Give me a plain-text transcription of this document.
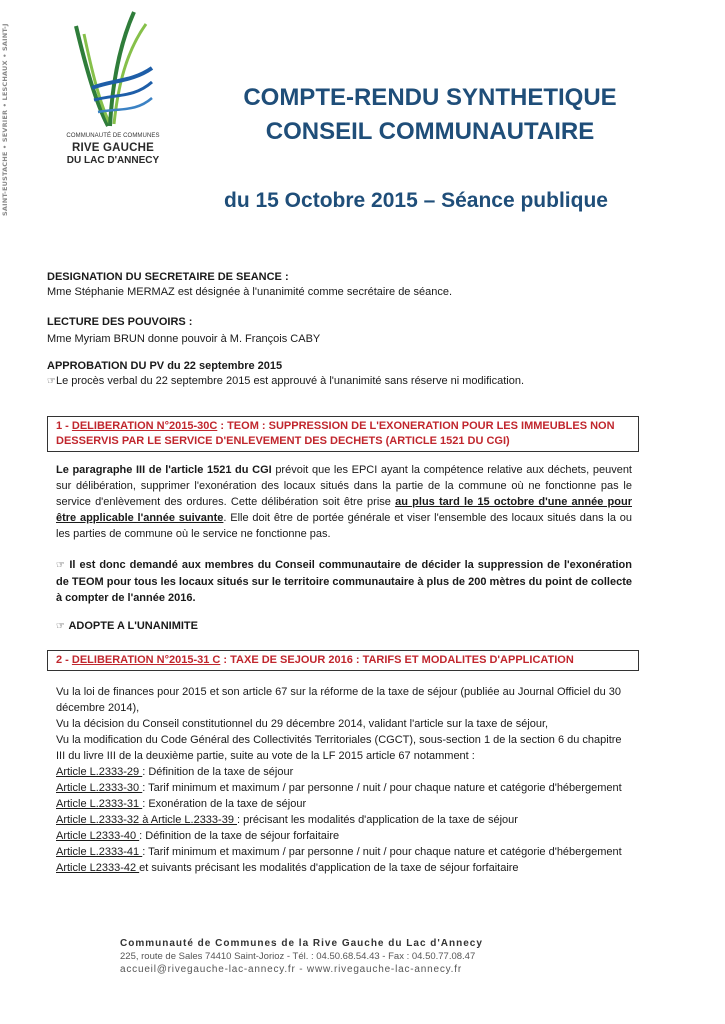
SAINT-EUSTACHE • SEVRIER • LESCHAUX • SAINT-J	COMMUNAUTÉ DE COMMUNES
RIVE GAUCHE
DU LAC D'ANNECY
COMPTE-RENDU SYNTHETIQUE
CONSEIL COMMUNAUTAIRE
du 15 Octobre 2015 – Séance publique
DESIGNATION DU SECRETAIRE DE SEANCE :
Mme Stéphanie MERMAZ est désignée à l'unanimité comme secrétaire de séance.
LECTURE DES POUVOIRS :
Mme Myriam BRUN donne pouvoir à M. François CABY
APPROBATION DU PV du 22 septembre 2015
☞Le procès verbal du 22 septembre 2015 est approuvé à l'unanimité sans réserve ni modification.
1 - DELIBERATION N°2015-30C : TEOM : SUPPRESSION DE L'EXONERATION POUR LES IMMEUBLES NON
DESSERVIS PAR LE SERVICE D'ENLEVEMENT DES DECHETS (ARTICLE 1521 DU CGI)
Le paragraphe III de l'article 1521 du CGI prévoit que les EPCI ayant la compétence relative aux déchets, peuvent sur délibération, supprimer l'exonération des locaux situés dans la partie de la commune où ne fonctionne pas le service d'enlèvement des ordures. Cette délibération soit être prise au plus tard le 15 octobre d'une année pour être applicable l'année suivante. Elle doit être de portée générale et viser l'ensemble des locaux situés dans la ou les parties de commune où le service ne fonctionne pas.
☞ Il est donc demandé aux membres du Conseil communautaire de décider la suppression de l'exonération de TEOM pour tous les locaux situés sur le territoire communautaire à plus de 200 mètres du point de collecte à compter de l'année 2016.
☞ ADOPTE A L'UNANIMITE
2 - DELIBERATION N°2015-31 C : TAXE DE SEJOUR 2016 : TARIFS ET MODALITES D'APPLICATION
Vu la loi de finances pour 2015 et son article 67 sur la réforme de la taxe de séjour (publiée au Journal Officiel du 30 décembre 2014),
Vu la décision du Conseil constitutionnel du 29 décembre 2014, validant l'article sur la taxe de séjour,
Vu la modification du Code Général des Collectivités Territoriales (CGCT), sous-section 1 de la section 6 du chapitre III du livre III de la deuxième partie, suite au vote de la LF 2015 article 67 notamment :
Article L.2333-29 : Définition de la taxe de séjour
Article L.2333-30 : Tarif minimum et maximum / par personne / nuit / pour chaque nature et catégorie d'hébergement
Article L.2333-31 : Exonération de la taxe de séjour
Article L.2333-32 à Article L.2333-39 : précisant les modalités d'application de la taxe de séjour
Article L2333-40 : Définition de la taxe de séjour forfaitaire
Article L.2333-41 : Tarif minimum et maximum / par personne / nuit / pour chaque nature et catégorie d'hébergement
Article L2333-42 et suivants précisant les modalités d'application de la taxe de séjour forfaitaire
Communauté de Communes de la Rive Gauche du Lac d'Annecy
225, route de Sales 74410 Saint-Jorioz - Tél. : 04.50.68.54.43 - Fax : 04.50.77.08.47
accueil@rivegauche-lac-annecy.fr - www.rivegauche-lac-annecy.fr
